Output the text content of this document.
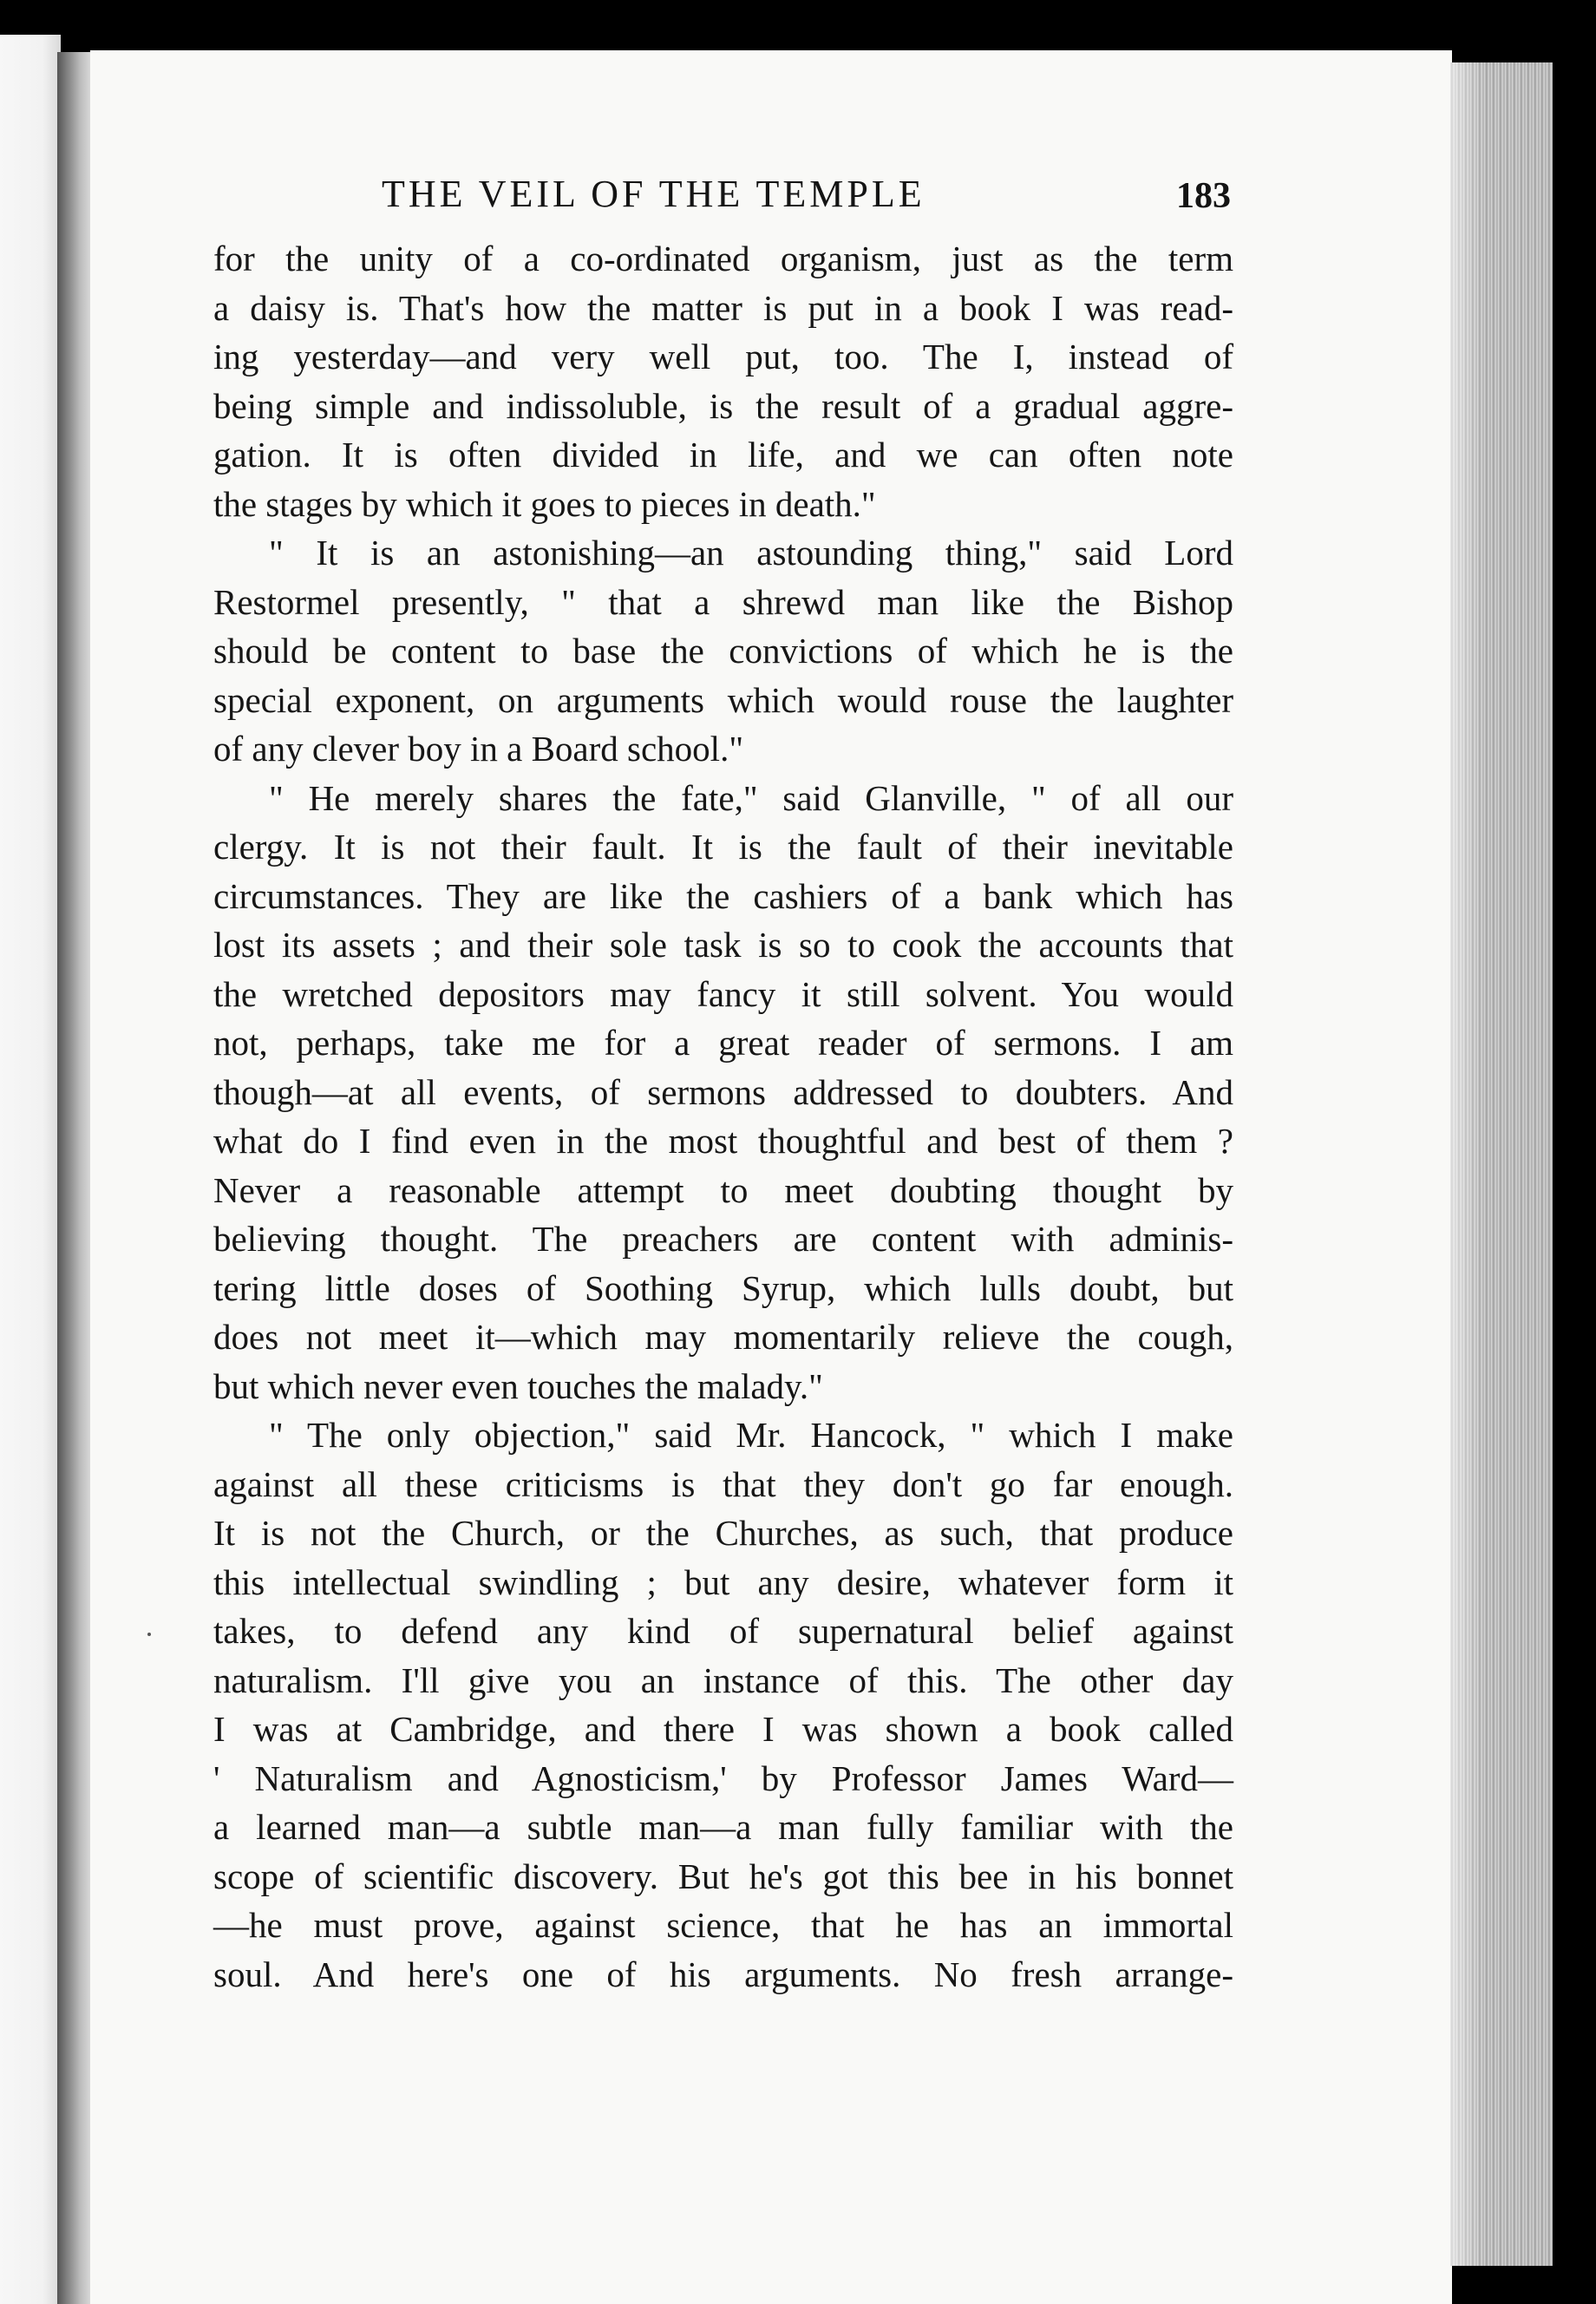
THE VEIL OF THE TEMPLE	183
for the unity of a co-ordinated organism, just as the term
a daisy is. That's how the matter is put in a book I was read-
ing yesterday—and very well put, too. The I, instead of
being simple and indissoluble, is the result of a gradual aggre-
gation. It is often divided in life, and we can often note
the stages by which it goes to pieces in death."
" It is an astonishing—an astounding thing," said Lord
Restormel presently, " that a shrewd man like the Bishop
should be content to base the convictions of which he is the
special exponent, on arguments which would rouse the laughter
of any clever boy in a Board school."
" He merely shares the fate," said Glanville, " of all our
clergy. It is not their fault. It is the fault of their inevitable
circumstances. They are like the cashiers of a bank which has
lost its assets ; and their sole task is so to cook the accounts that
the wretched depositors may fancy it still solvent. You would
not, perhaps, take me for a great reader of sermons. I am
though—at all events, of sermons addressed to doubters. And
what do I find even in the most thoughtful and best of them ?
Never a reasonable attempt to meet doubting thought by
believing thought. The preachers are content with adminis-
tering little doses of Soothing Syrup, which lulls doubt, but
does not meet it—which may momentarily relieve the cough,
but which never even touches the malady."
" The only objection," said Mr. Hancock, " which I make
against all these criticisms is that they don't go far enough.
It is not the Church, or the Churches, as such, that produce
this intellectual swindling ; but any desire, whatever form it
takes, to defend any kind of supernatural belief against
naturalism. I'll give you an instance of this. The other day
I was at Cambridge, and there I was shown a book called
' Naturalism and Agnosticism,' by Professor James Ward—
a learned man—a subtle man—a man fully familiar with the
scope of scientific discovery. But he's got this bee in his bonnet
—he must prove, against science, that he has an immortal
soul. And here's one of his arguments. No fresh arrange-
